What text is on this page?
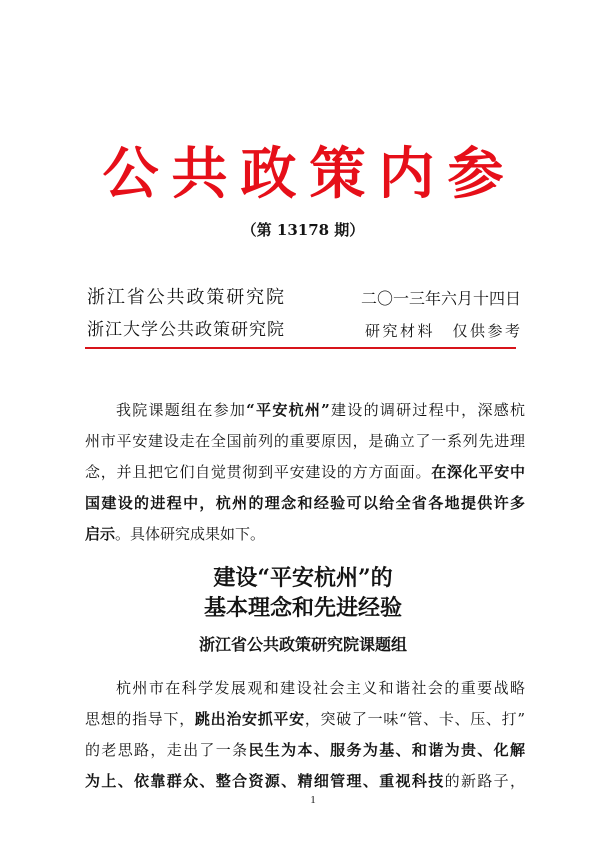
公共政策内参
（第 13178 期）
浙江省公共政策研究院	二〇一三年六月十四日
浙江大学公共政策研究院	研究材料　仅供参考
我院课题组在参加“平安杭州”建设的调研过程中，深感杭
州市平安建设走在全国前列的重要原因，是确立了一系列先进理
念，并且把它们自觉贯彻到平安建设的方方面面。在深化平安中
国建设的进程中，杭州的理念和经验可以给全省各地提供许多
启示。具体研究成果如下。
建设“平安杭州”的
基本理念和先进经验
浙江省公共政策研究院课题组
杭州市在科学发展观和建设社会主义和谐社会的重要战略
思想的指导下，跳出治安抓平安，突破了一味“管、卡、压、打”
的老思路，走出了一条民生为本、服务为基、和谐为贵、化解
为上、依靠群众、整合资源、精细管理、重视科技的新路子，
1
